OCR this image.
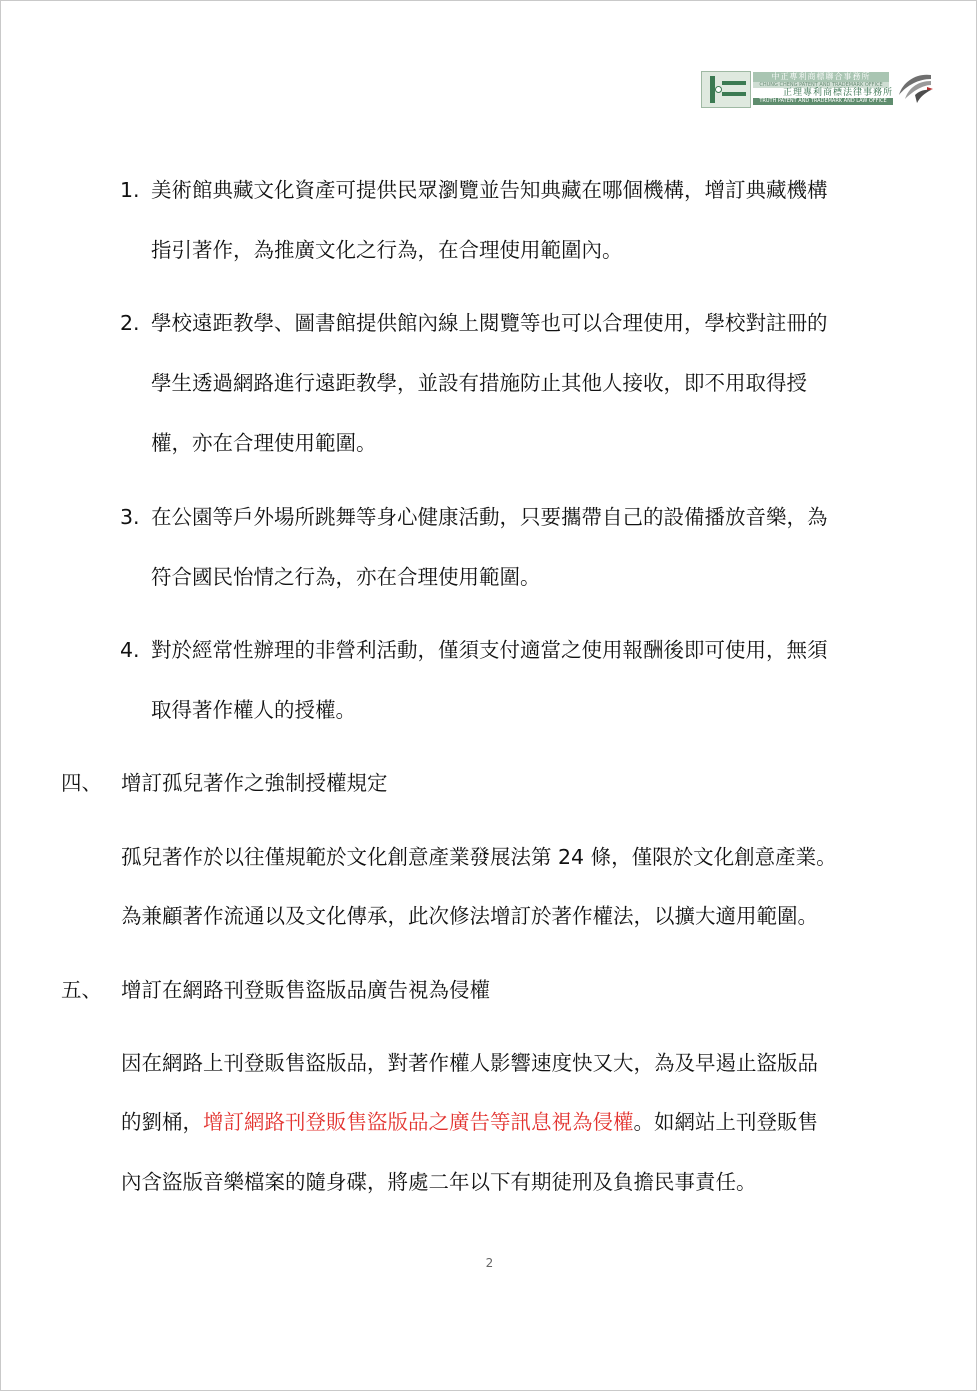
中正專利商標聯合事務所
CHUNG CHENG PATENT AND TRADEMARK OFFICE
正理專利商標法律事務所
TRUTH PATENT AND TRADEMARK AND LAW OFFICE
1. 美術館典藏文化資產可提供民眾瀏覽並告知典藏在哪個機構，增訂典藏機構
指引著作，為推廣文化之行為，在合理使用範圍內。
2. 學校遠距教學、圖書館提供館內線上閱覽等也可以合理使用，學校對註冊的
學生透過網路進行遠距教學，並設有措施防止其他人接收，即不用取得授
權，亦在合理使用範圍。
3. 在公園等戶外場所跳舞等身心健康活動，只要攜帶自己的設備播放音樂，為
符合國民怡情之行為，亦在合理使用範圍。
4. 對於經常性辦理的非營利活動，僅須支付適當之使用報酬後即可使用，無須
取得著作權人的授權。
四、 增訂孤兒著作之強制授權規定
孤兒著作於以往僅規範於文化創意產業發展法第 24 條，僅限於文化創意產業。
為兼顧著作流通以及文化傳承，此次修法增訂於著作權法，以擴大適用範圍。
五、 增訂在網路刊登販售盜版品廣告視為侵權
因在網路上刊登販售盜版品，對著作權人影響速度快又大，為及早遏止盜版品
的劉桶，增訂網路刊登販售盜版品之廣告等訊息視為侵權。如網站上刊登販售
內含盜版音樂檔案的隨身碟，將處二年以下有期徒刑及負擔民事責任。
2
